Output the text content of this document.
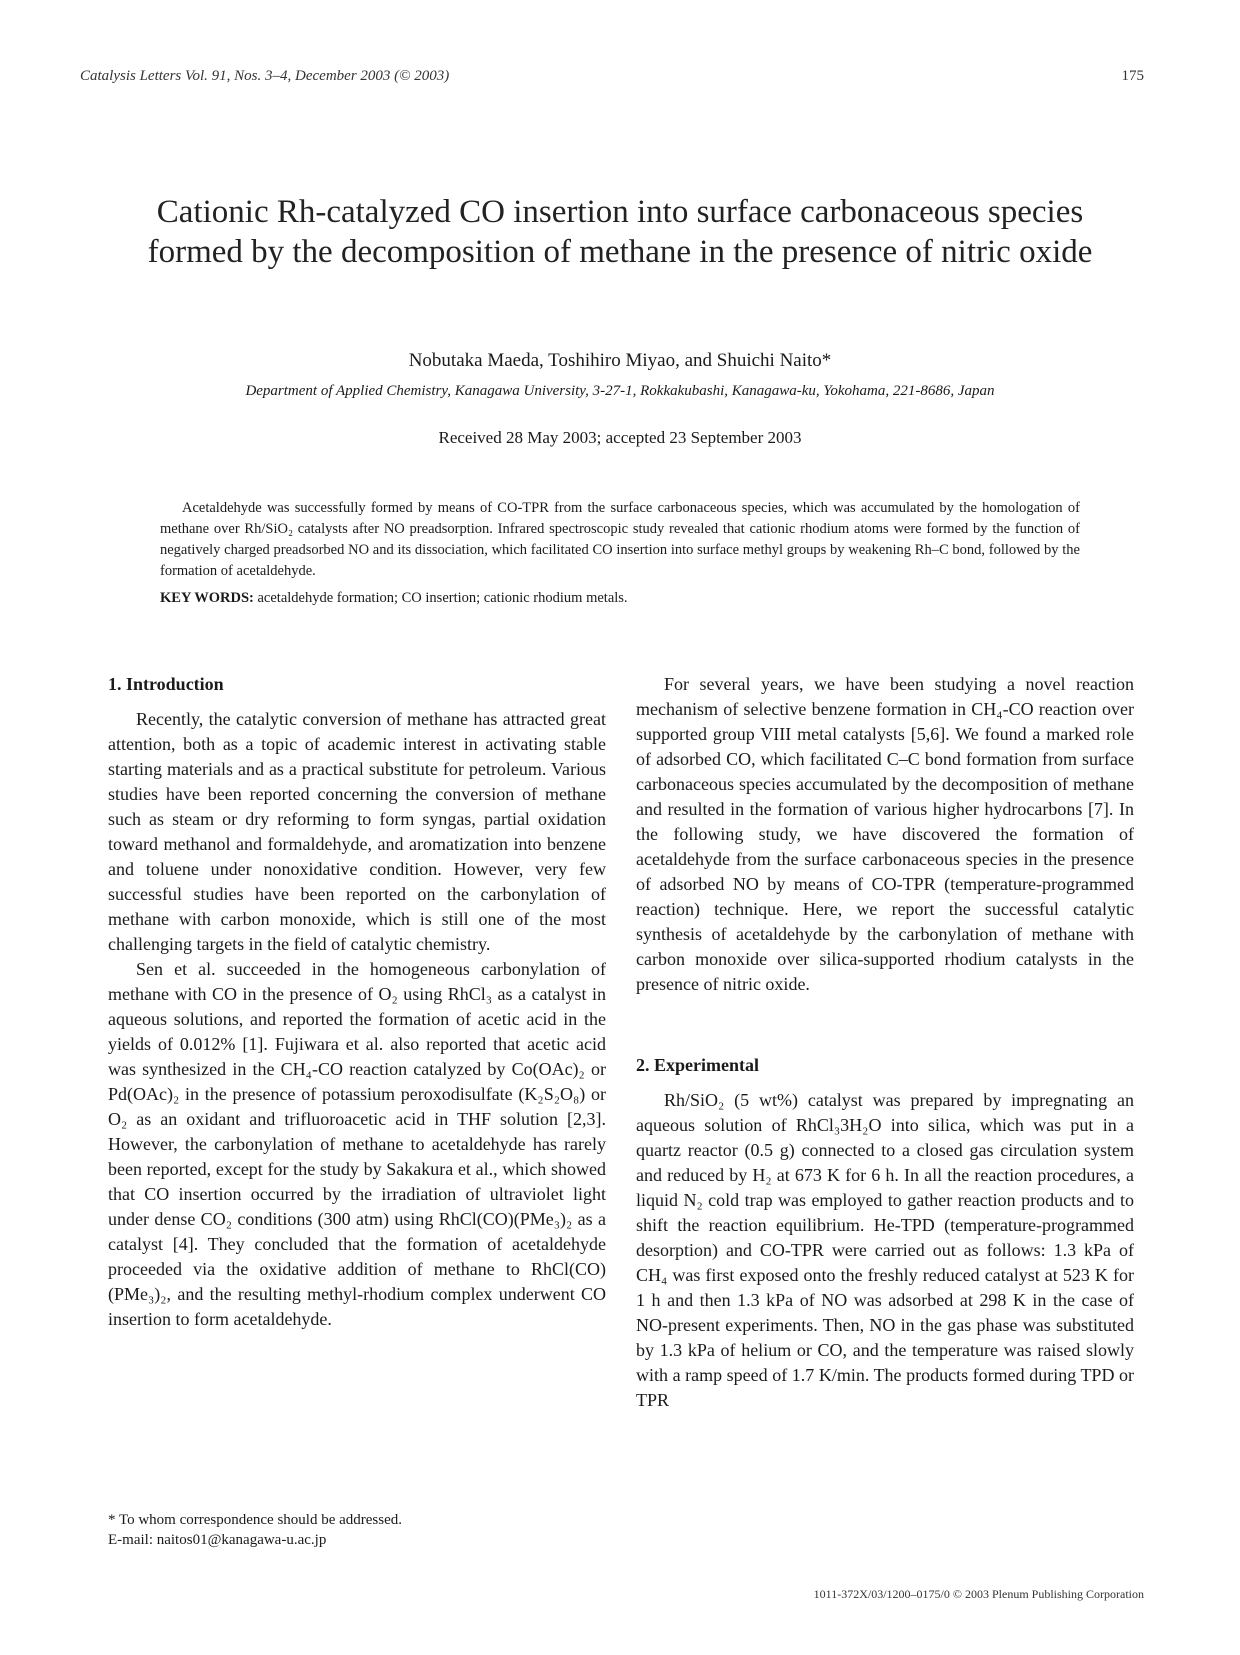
Catalysis Letters Vol. 91, Nos. 3–4, December 2003 (© 2003)	175
Cationic Rh-catalyzed CO insertion into surface carbonaceous species formed by the decomposition of methane in the presence of nitric oxide
Nobutaka Maeda, Toshihiro Miyao, and Shuichi Naito*
Department of Applied Chemistry, Kanagawa University, 3-27-1, Rokkakubashi, Kanagawa-ku, Yokohama, 221-8686, Japan
Received 28 May 2003; accepted 23 September 2003
Acetaldehyde was successfully formed by means of CO-TPR from the surface carbonaceous species, which was accumulated by the homologation of methane over Rh/SiO₂ catalysts after NO preadsorption. Infrared spectroscopic study revealed that cationic rhodium atoms were formed by the function of negatively charged preadsorbed NO and its dissociation, which facilitated CO insertion into surface methyl groups by weakening Rh–C bond, followed by the formation of acetaldehyde.
KEY WORDS: acetaldehyde formation; CO insertion; cationic rhodium metals.
1. Introduction

Recently, the catalytic conversion of methane has attracted great attention, both as a topic of academic interest in activating stable starting materials and as a practical substitute for petroleum. Various studies have been reported concerning the conversion of methane such as steam or dry reforming to form syngas, partial oxidation toward methanol and formaldehyde, and aromatization into benzene and toluene under nonoxidative condition. However, very few successful studies have been reported on the carbonylation of methane with carbon monoxide, which is still one of the most challenging targets in the field of catalytic chemistry.

Sen et al. succeeded in the homogeneous carbonylation of methane with CO in the presence of O₂ using RhCl₃ as a catalyst in aqueous solutions, and reported the formation of acetic acid in the yields of 0.012% [1]. Fujiwara et al. also reported that acetic acid was synthesized in the CH₄-CO reaction catalyzed by Co(OAc)₂ or Pd(OAc)₂ in the presence of potassium peroxodisulfate (K₂S₂O₈) or O₂ as an oxidant and trifluoroacetic acid in THF solution [2,3]. However, the carbonylation of methane to acetaldehyde has rarely been reported, except for the study by Sakakura et al., which showed that CO insertion occurred by the irradiation of ultraviolet light under dense CO₂ conditions (300 atm) using RhCl(CO)(PMe₃)₂ as a catalyst [4]. They concluded that the formation of acetaldehyde proceeded via the oxidative addition of methane to RhCl(CO)(PMe₃)₂, and the resulting methyl-rhodium complex underwent CO insertion to form acetaldehyde.

For several years, we have been studying a novel reaction mechanism of selective benzene formation in CH₄-CO reaction over supported group VIII metal catalysts [5,6]. We found a marked role of adsorbed CO, which facilitated C–C bond formation from surface carbonaceous species accumulated by the decomposition of methane and resulted in the formation of various higher hydrocarbons [7]. In the following study, we have discovered the formation of acetaldehyde from the surface carbonaceous species in the presence of adsorbed NO by means of CO-TPR (temperature-programmed reaction) technique. Here, we report the successful catalytic synthesis of acetaldehyde by the carbonylation of methane with carbon monoxide over silica-supported rhodium catalysts in the presence of nitric oxide.

2. Experimental

Rh/SiO₂ (5 wt%) catalyst was prepared by impregnating an aqueous solution of RhCl₃3H₂O into silica, which was put in a quartz reactor (0.5 g) connected to a closed gas circulation system and reduced by H₂ at 673 K for 6 h. In all the reaction procedures, a liquid N₂ cold trap was employed to gather reaction products and to shift the reaction equilibrium. He-TPD (temperature-programmed desorption) and CO-TPR were carried out as follows: 1.3 kPa of CH₄ was first exposed onto the freshly reduced catalyst at 523 K for 1 h and then 1.3 kPa of NO was adsorbed at 298 K in the case of NO-present experiments. Then, NO in the gas phase was substituted by 1.3 kPa of helium or CO, and the temperature was raised slowly with a ramp speed of 1.7 K/min. The products formed during TPD or TPR

* To whom correspondence should be addressed.
E-mail: naitos01@kanagawa-u.ac.jp
1011-372X/03/1200–0175/0 © 2003 Plenum Publishing Corporation
